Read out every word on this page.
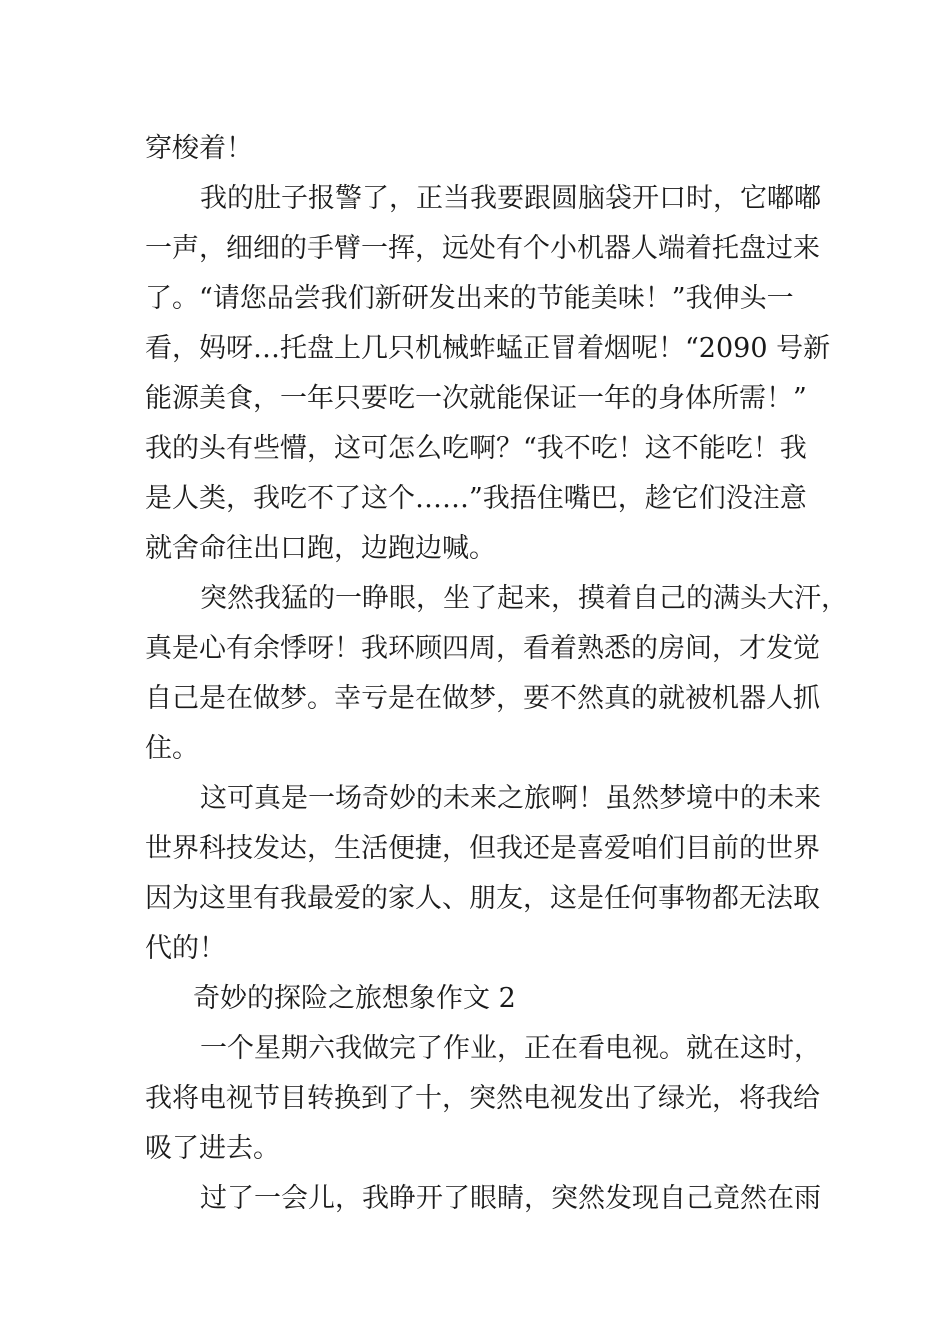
穿梭着！
我的肚子报警了，正当我要跟圆脑袋开口时，它嘟嘟
一声，细细的手臂一挥，远处有个小机器人端着托盘过来
了。“请您品尝我们新研发出来的节能美味！”我伸头一
看，妈呀…托盘上几只机械蚱蜢正冒着烟呢！“2090 号新
能源美食，一年只要吃一次就能保证一年的身体所需！”
我的头有些懵，这可怎么吃啊？“我不吃！这不能吃！我
是人类，我吃不了这个……”我捂住嘴巴，趁它们没注意
就舍命往出口跑，边跑边喊。
突然我猛的一睁眼，坐了起来，摸着自己的满头大汗，
真是心有余悸呀！我环顾四周，看着熟悉的房间，才发觉
自己是在做梦。幸亏是在做梦，要不然真的就被机器人抓
住。
这可真是一场奇妙的未来之旅啊！虽然梦境中的未来
世界科技发达，生活便捷，但我还是喜爱咱们目前的世界
因为这里有我最爱的家人、朋友，这是任何事物都无法取
代的！
奇妙的探险之旅想象作文 2
一个星期六我做完了作业，正在看电视。就在这时，
我将电视节目转换到了十，突然电视发出了绿光，将我给
吸了进去。
过了一会儿，我睁开了眼睛，突然发现自己竟然在雨
